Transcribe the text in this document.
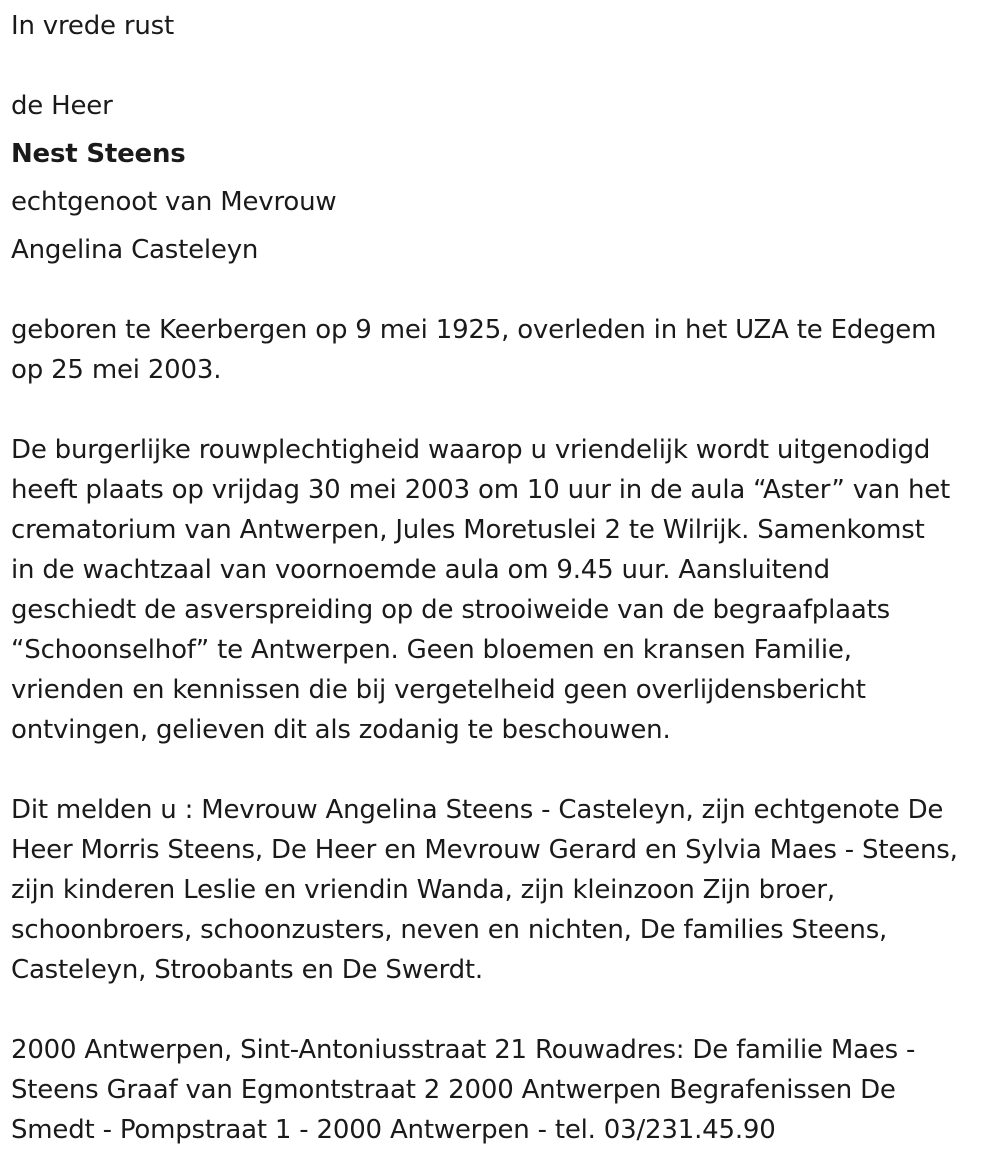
In vrede rust
de Heer
Nest Steens
echtgenoot van Mevrouw
Angelina Casteleyn
geboren te Keerbergen op 9 mei 1925, overleden in het UZA te Edegem
op 25 mei 2003.
De burgerlijke rouwplechtigheid waarop u vriendelijk wordt uitgenodigd
heeft plaats op vrijdag 30 mei 2003 om 10 uur in de aula “Aster” van het
crematorium van Antwerpen, Jules Moretuslei 2 te Wilrijk. Samenkomst
in de wachtzaal van voornoemde aula om 9.45 uur. Aansluitend
geschiedt de asverspreiding op de strooiweide van de begraafplaats
“Schoonselhof” te Antwerpen. Geen bloemen en kransen Familie,
vrienden en kennissen die bij vergetelheid geen overlijdensbericht
ontvingen, gelieven dit als zodanig te beschouwen.
Dit melden u : Mevrouw Angelina Steens - Casteleyn, zijn echtgenote De
Heer Morris Steens, De Heer en Mevrouw Gerard en Sylvia Maes - Steens,
zijn kinderen Leslie en vriendin Wanda, zijn kleinzoon Zijn broer,
schoonbroers, schoonzusters, neven en nichten, De families Steens,
Casteleyn, Stroobants en De Swerdt.
2000 Antwerpen, Sint-Antoniusstraat 21 Rouwadres: De familie Maes -
Steens Graaf van Egmontstraat 2 2000 Antwerpen Begrafenissen De
Smedt - Pompstraat 1 - 2000 Antwerpen - tel. 03/231.45.90
